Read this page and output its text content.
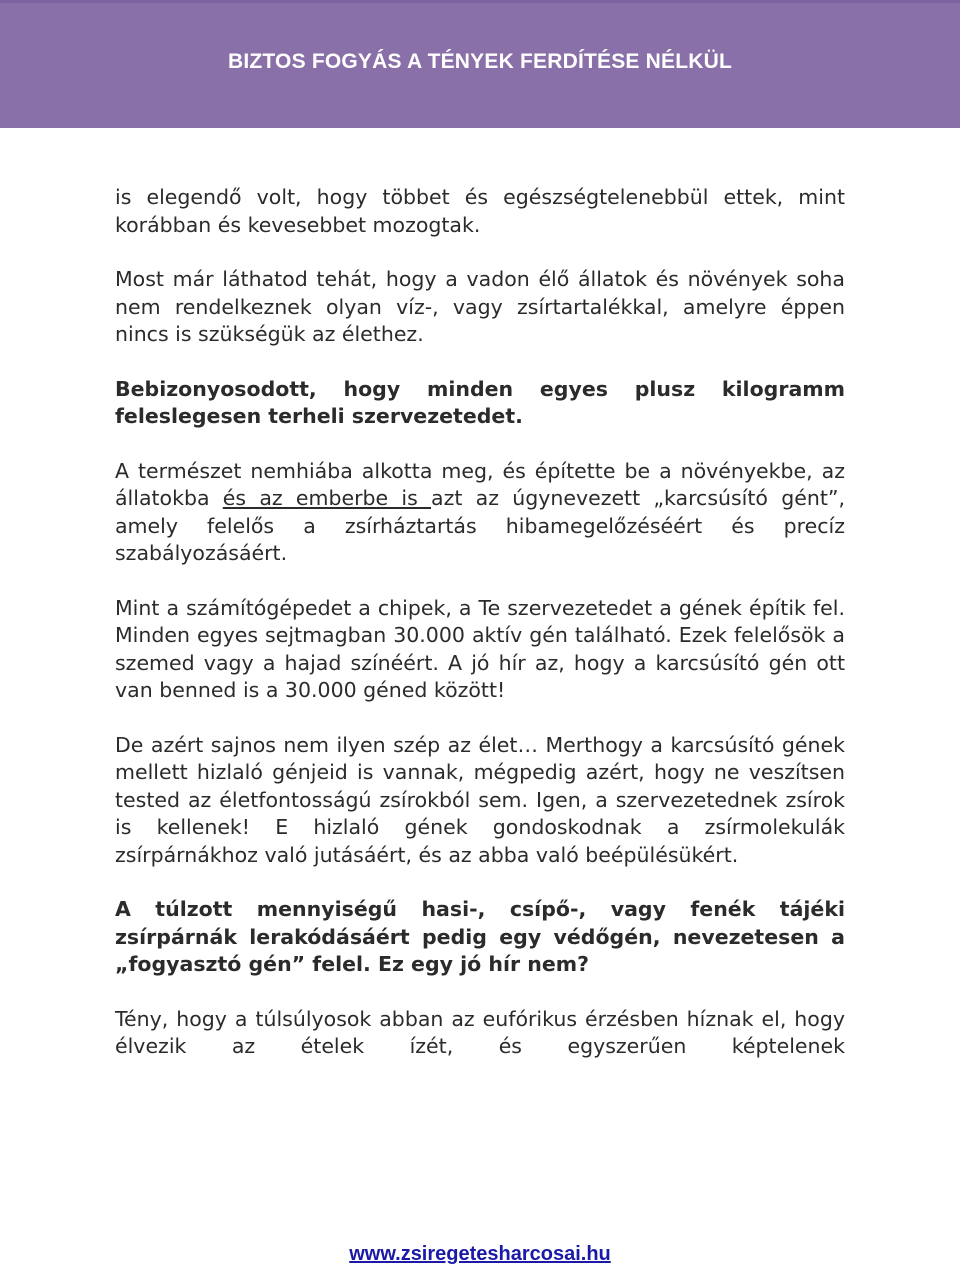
BIZTOS FOGYÁS A TÉNYEK FERDÍTÉSE NÉLKÜL

is elegendő volt, hogy többet és egészségtelenebbül ettek, mint korábban és kevesebbet mozogtak.

Most már láthatod tehát, hogy a vadon élő állatok és növények soha nem rendelkeznek olyan víz-, vagy zsírtartalékkal, amelyre éppen nincs is szükségük az élethez.

Bebizonyosodott, hogy minden egyes plusz kilogramm feleslegesen terheli szervezetedet.

A természet nemhiába alkotta meg, és építette be a növényekbe, az állatokba és az emberbe is azt az úgynevezett „karcsúsító gént”, amely felelős a zsírháztartás hibamegelőzéséért és precíz szabályozásáért.

Mint a számítógépedet a chipek, a Te szervezetedet a gének építik fel. Minden egyes sejtmagban 30.000 aktív gén található. Ezek felelősök a szemed vagy a hajad színéért. A jó hír az, hogy a karcsúsító gén ott van benned is a 30.000 géned között!

De azért sajnos nem ilyen szép az élet… Merthogy a karcsúsító gének mellett hizlaló génjeid is vannak, mégpedig azért, hogy ne veszítsen tested az életfontosságú zsírokból sem. Igen, a szervezetednek zsírok is kellenek! E hizlaló gének gondoskodnak a zsírmolekulák zsírpárnákhoz való jutásáért, és az abba való beépülésükért.

A túlzott mennyiségű hasi-, csípő-, vagy fenék tájéki zsírpárnák lerakódásáért pedig egy védőgén, nevezetesen a „fogyasztó gén” felel. Ez egy jó hír nem?

Tény, hogy a túlsúlyosok abban az eufórikus érzésben híznak el, hogy élvezik az ételek ízét, és egyszerűen képtelenek

www.zsiregetesharcosai.hu
